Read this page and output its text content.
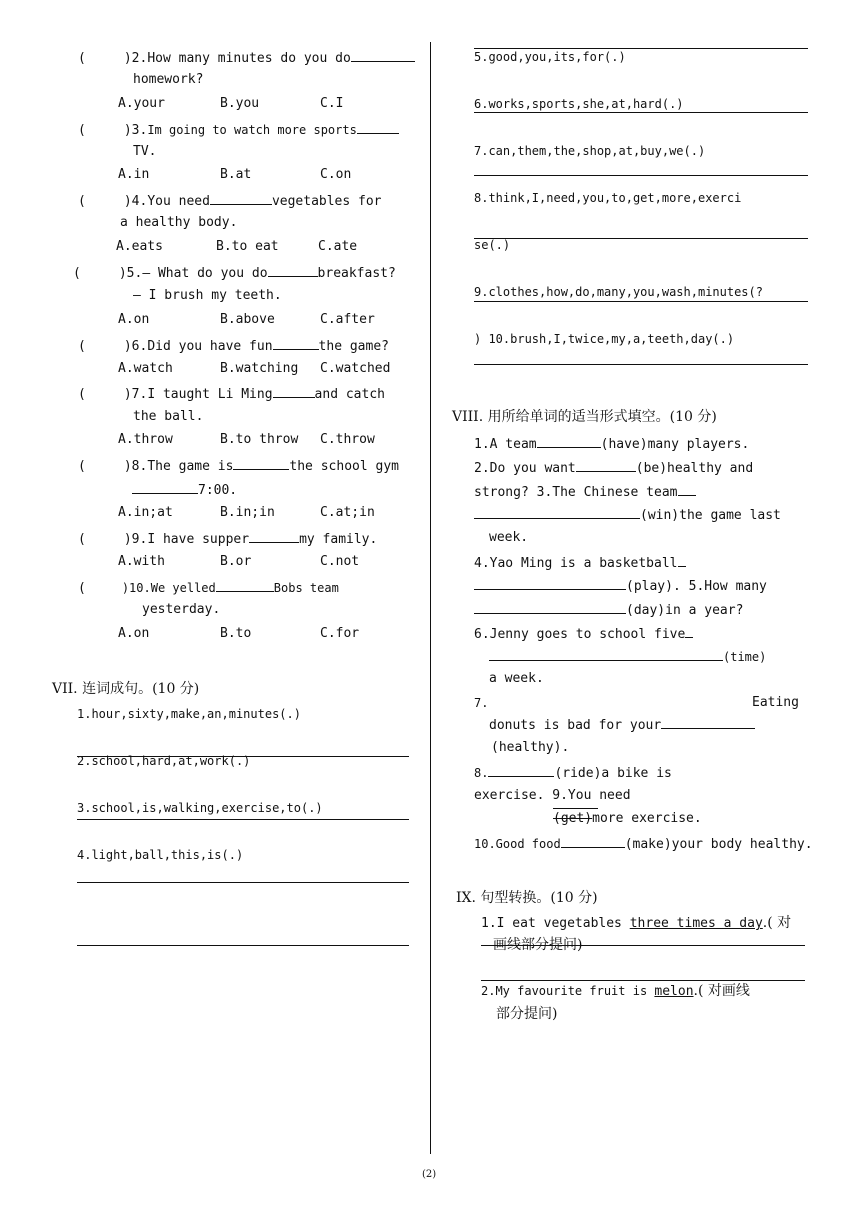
(	)2.How many minutes do you do
homework?
A.your	B.you	C.I
(	)3.Im going to watch more sports
TV.
A.in	B.at	C.on
(	)4.You need	vegetables for
a healthy body.
A.eats	B.to eat	C.ate
(	)5.— What do you do	breakfast?
— I brush my teeth.
A.on	B.above	C.after
(	)6.Did you have fun	the game?
A.watch	B.watching C.watched
(	)7.I taught Li Ming	and catch
the ball.
A.throw	B.to throw C.throw
(	)8.The game is	the school gym
7:00.
A.in;at	B.in;in	C.at;in
(	)9.I have supper	my family.
A.with	B.or	C.not
(	)10.We yelled	Bobs team
yesterday.
A.on	B.to	C.for
VII. 连词成句。(10 分)
1.hour,sixty,make,an,minutes(.)
2.school,hard,at,work(.)
3.school,is,walking,exercise,to(.)
4.light,ball,this,is(.)
5.good,you,its,for(.)
6.works,sports,she,at,hard(.)
7.can,them,the,shop,at,buy,we(.)
8.think,I,need,you,to,get,more,exerci
se(.)
9.clothes,how,do,many,you,wash,minutes(?
) 10.brush,I,twice,my,a,teeth,day(.)
VIII. 用所给单词的适当形式填空。(10 分)
1.A team	(have)many players.
2.Do you want	(be)healthy and
strong? 3.The Chinese team
(win)the game last
week.
4.Yao Ming is a basketball
(play). 5.How many
(day)in a year?
6.Jenny goes to school five
(time)
a week.
7.	Eating
donuts is bad for your
(healthy).
8.	(ride)a bike is
exercise. 9.You need
(get)more exercise.
10.Good food	(make)your body healthy.
IX. 句型转换。(10 分)
1.I eat vegetables three times a day.( 对
画线部分提问)
2.My favourite fruit is melon.( 对画线
部分提问)
(2)
